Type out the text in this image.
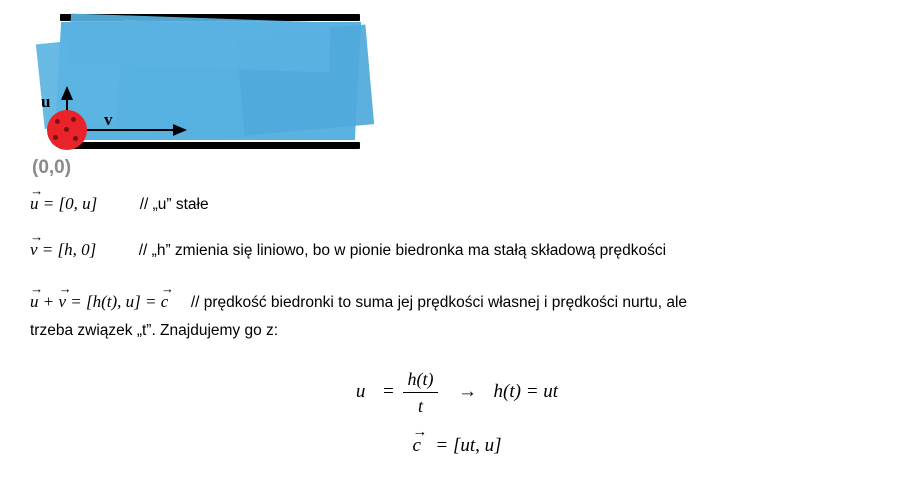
u
v
(0,0)
→
u = [0, u]	// „u” stałe
→
v = [h, 0]	// „h” zmienia się liniowo, bo w pionie biedronka ma stałą składową prędkości
→
u +
→
v = [h(t), u] =
→
c // prędkość biedronki to suma jej prędkości własnej i prędkości nurtu, ale
trzeba związek „t”. Znajdujemy go z:
$u = \frac{h(t)}{t} \to h(t)$ = ut
→
c = [ut, u]
